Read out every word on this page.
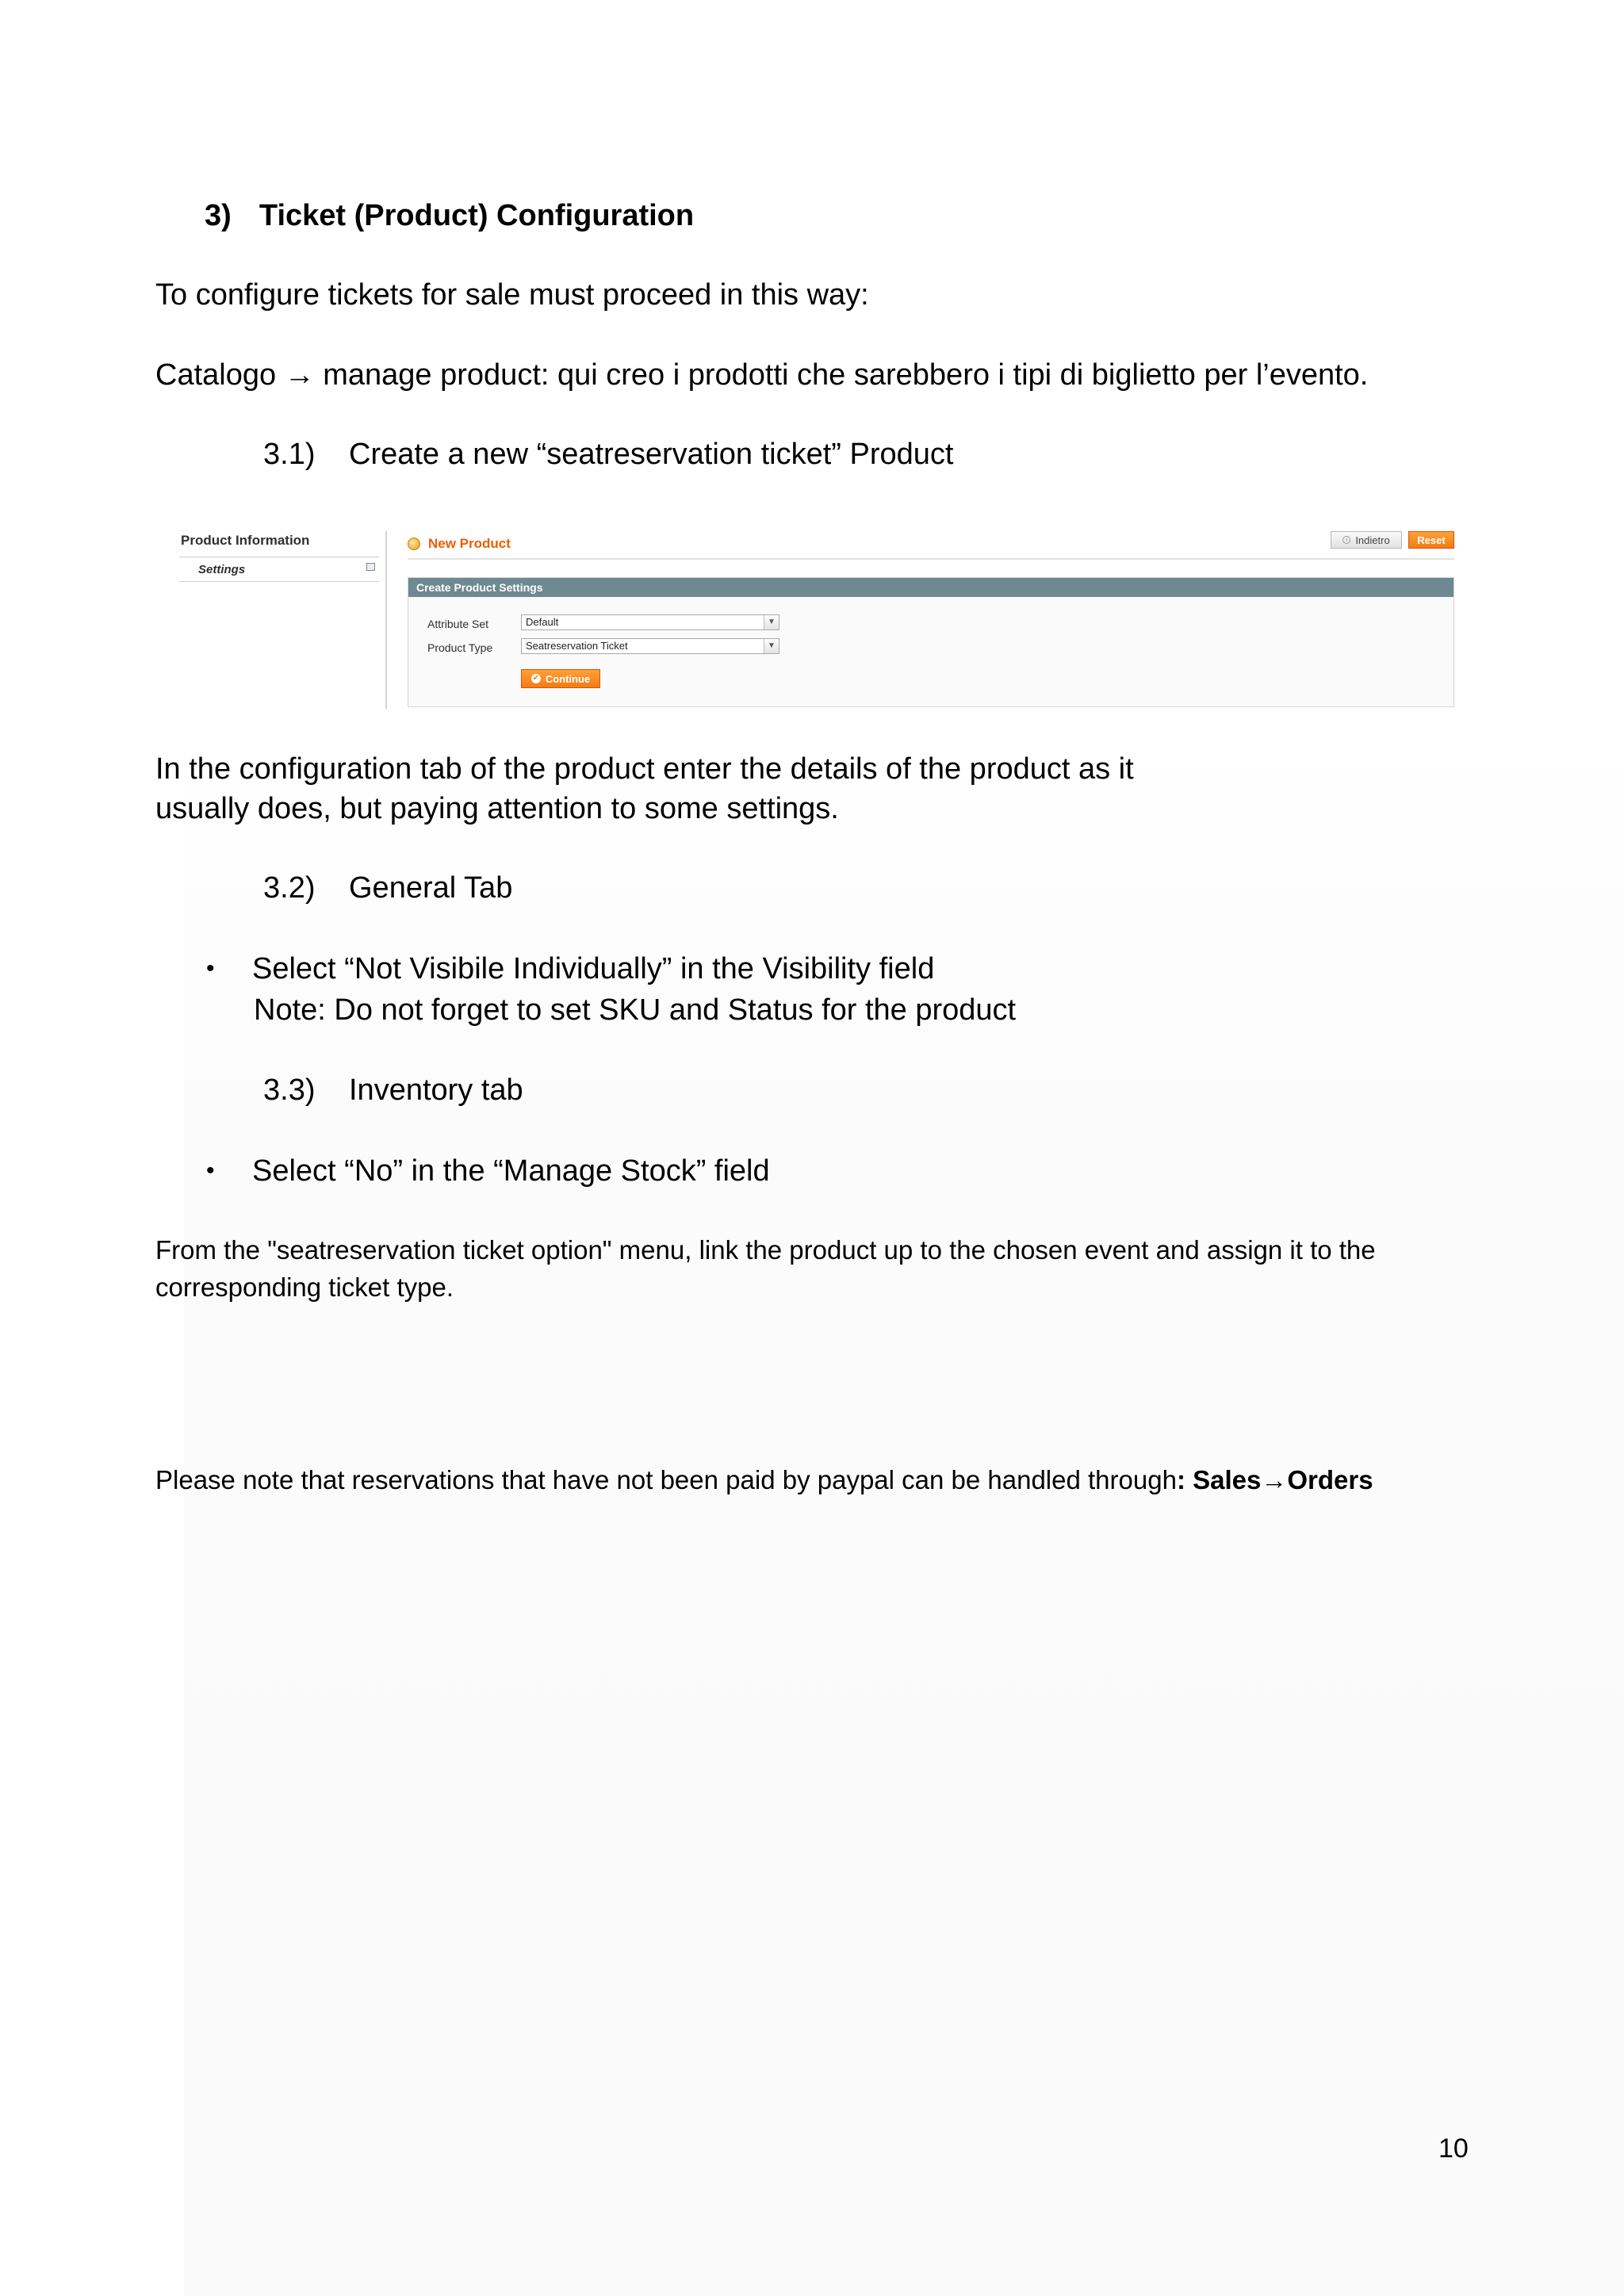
3) Ticket (Product) Configuration
To configure tickets for sale must proceed in this way:
Catalogo → manage product: qui creo i prodotti che sarebbero i tipi di biglietto per l’evento.
3.1) Create a new “seatreservation ticket” Product
Product Information
Settings
New Product	‹ Indietro	Reset
Create Product Settings
Attribute Set	Default	▼
Product Type	Seatreservation Ticket	▼
✔ Continue
In the configuration tab of the product enter the details of the product as it
usually does, but paying attention to some settings.
3.2) General Tab
• Select “Not Visibile Individually” in the Visibility field
Note: Do not forget to set SKU and Status for the product
3.3) Inventory tab
• Select “No” in the “Manage Stock” field
From the "seatreservation ticket option" menu, link the product up to the chosen event and assign it to the corresponding ticket type.
Please note that reservations that have not been paid by paypal can be handled through: Sales→Orders
10
